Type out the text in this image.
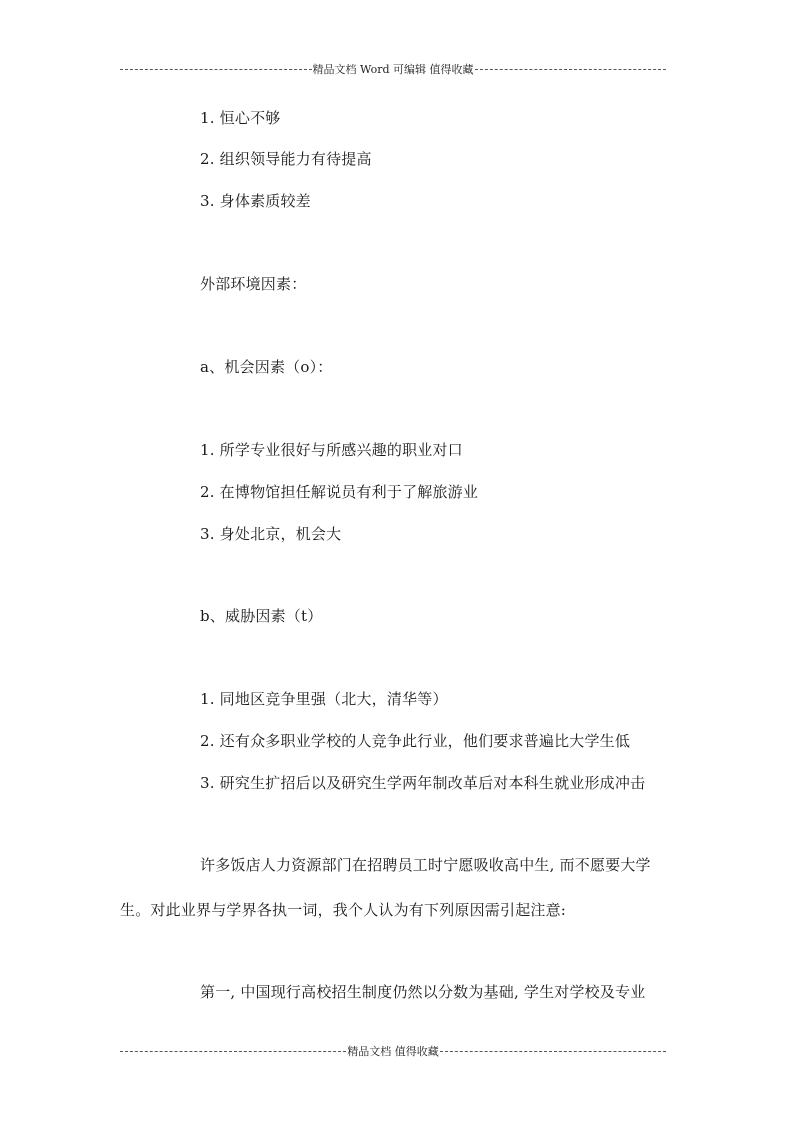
精品文档 Word 可编辑 值得收藏
1. 恒心不够
2. 组织领导能力有待提高
3. 身体素质较差
外部环境因素：
a、机会因素（o）：
1. 所学专业很好与所感兴趣的职业对口
2. 在博物馆担任解说员有利于了解旅游业
3. 身处北京，机会大
b、威胁因素（t）
1. 同地区竞争里强（北大，清华等）
2. 还有众多职业学校的人竞争此行业，他们要求普遍比大学生低
3. 研究生扩招后以及研究生学两年制改革后对本科生就业形成冲击
许多饭店人力资源部门在招聘员工时宁愿吸收高中生, 而不愿要大学
生。对此业界与学界各执一词，我个人认为有下列原因需引起注意:
第一, 中国现行高校招生制度仍然以分数为基础, 学生对学校及专业
精品文档 值得收藏
